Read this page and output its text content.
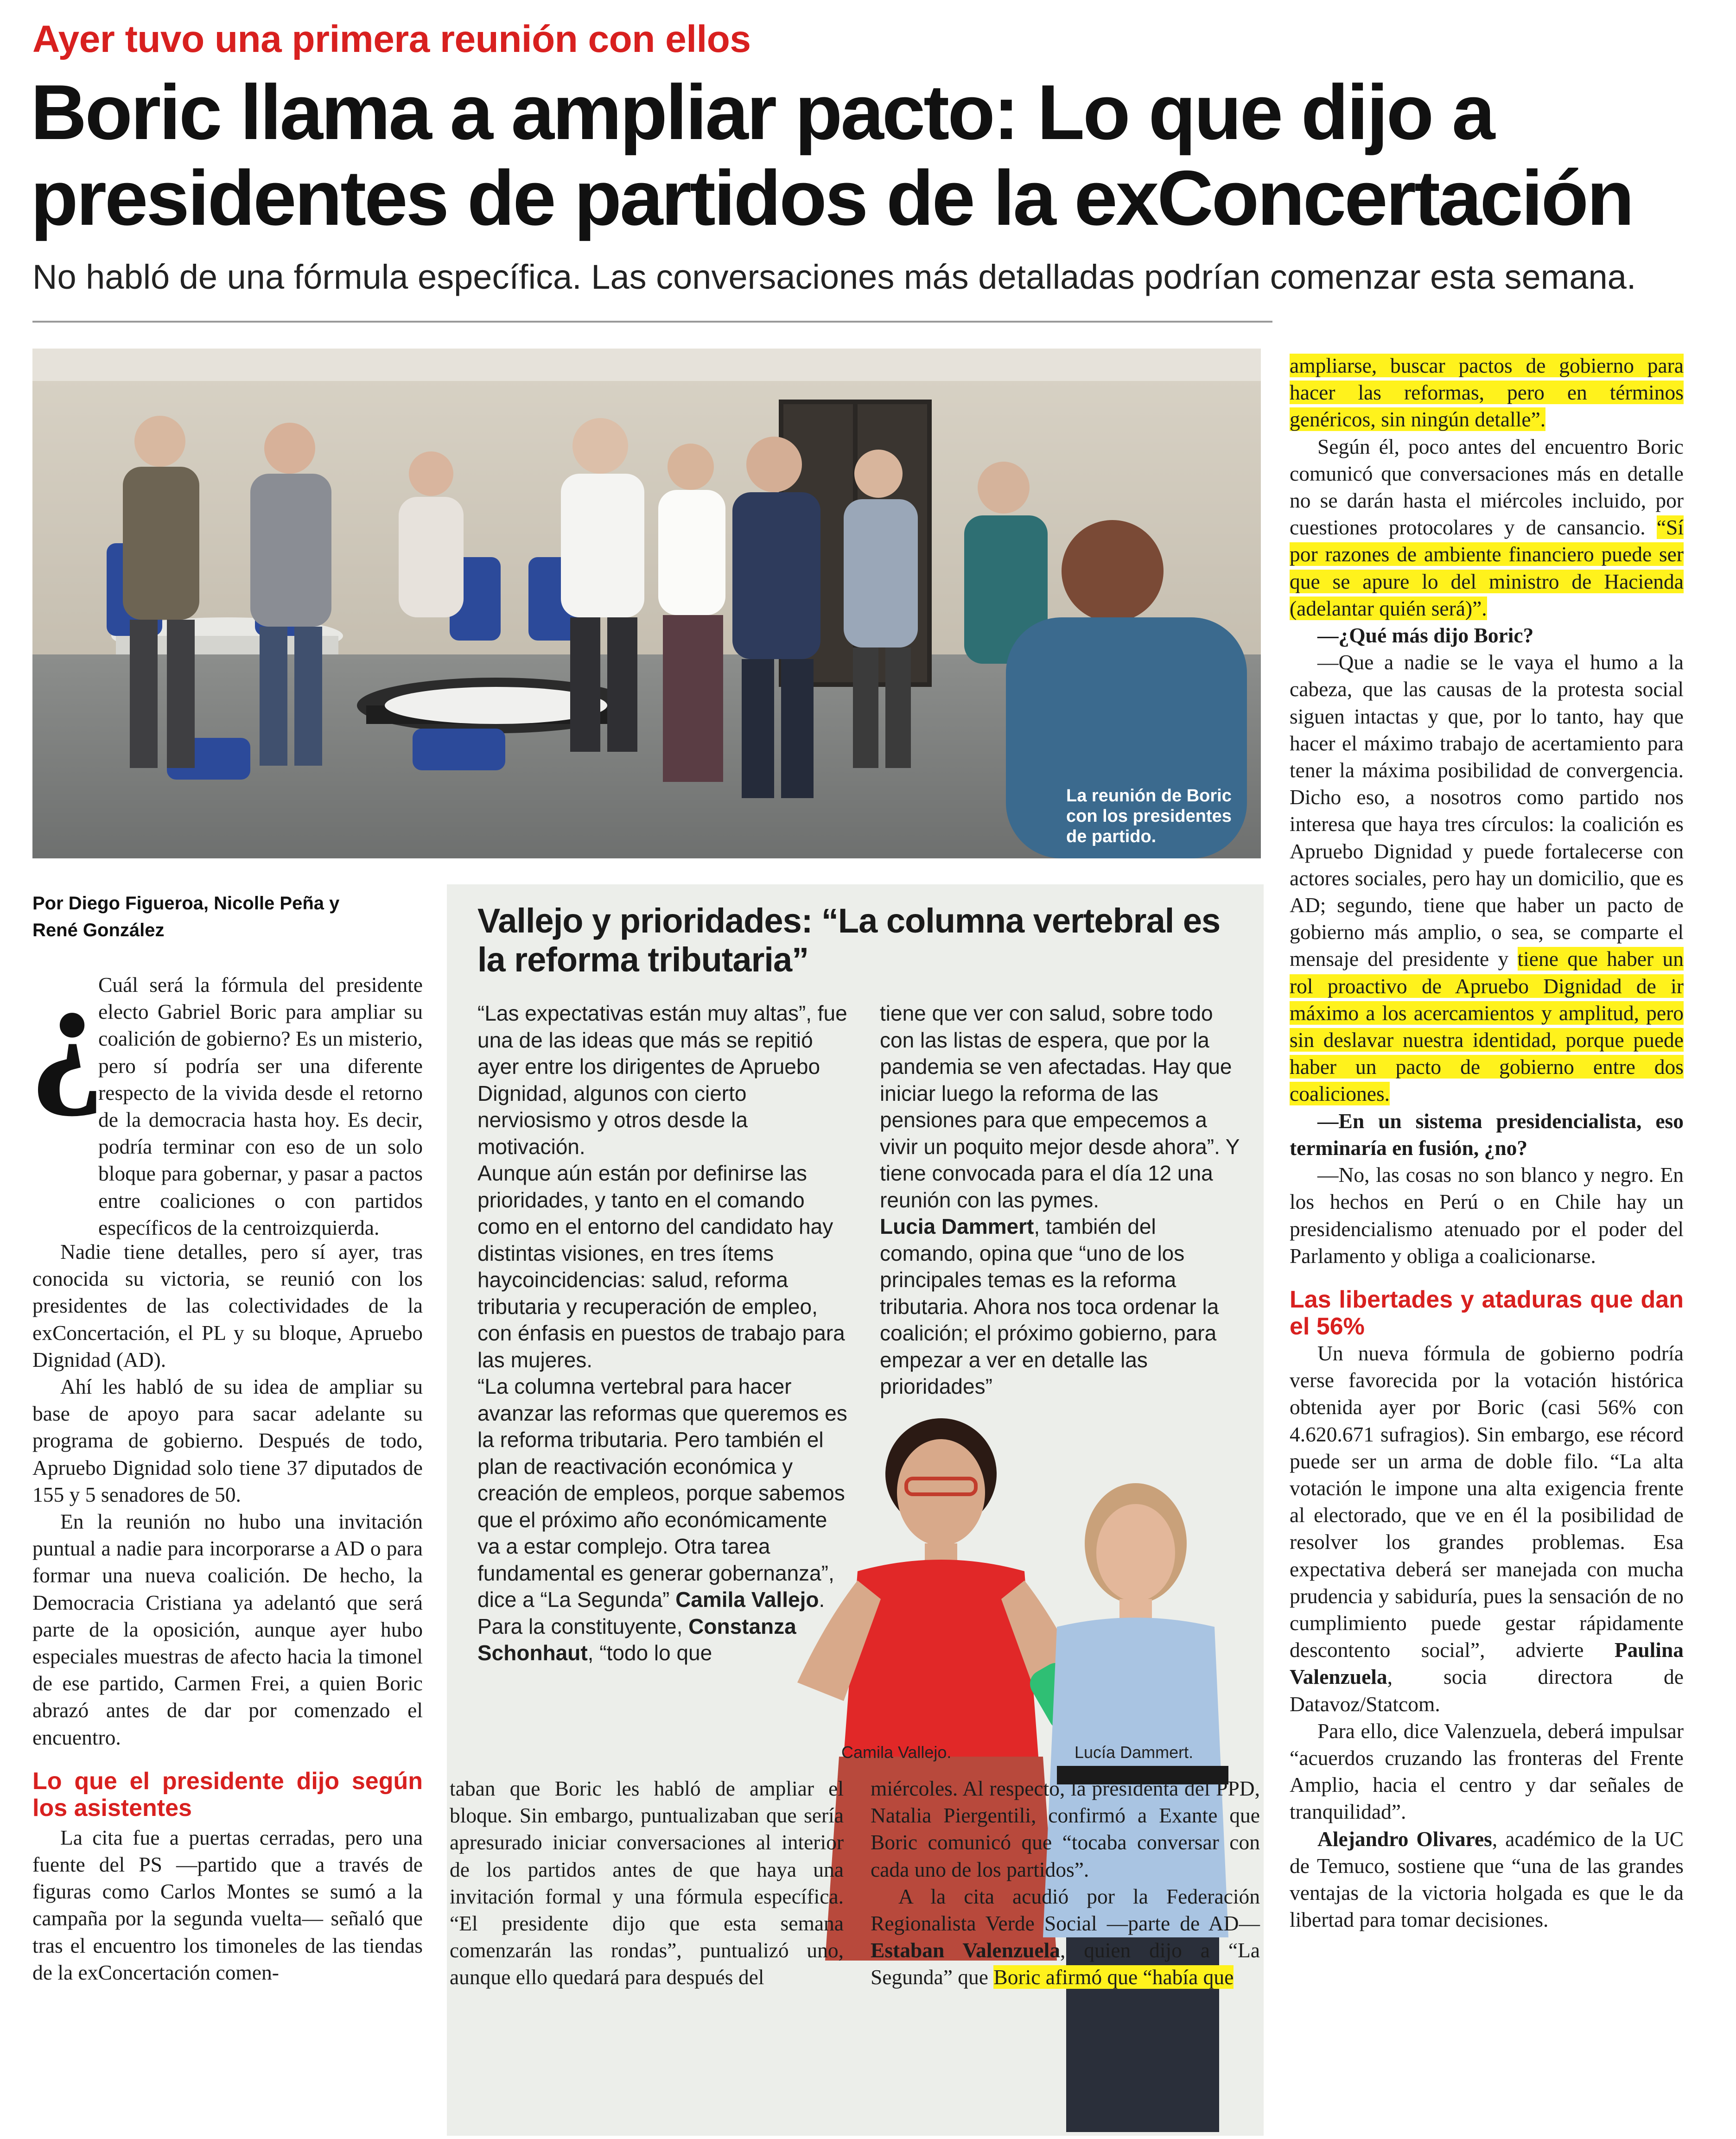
Ayer tuvo una primera reunión con ellos
Boric llama a ampliar pacto: Lo que dijo a
presidentes de partidos de la exConcertación
No habló de una fórmula específica. Las conversaciones más detalladas podrían comenzar esta semana.
La reunión de Boric
con los presidentes
de partido.
Por Diego Figueroa, Nicolle Peña y
René González
¿

Cuál será la fórmula del presidente electo Gabriel Boric para ampliar su coalición de gobierno? Es un misterio, pero sí podría ser una diferente respecto de la vivida desde el retorno de la democracia hasta hoy. Es decir, podría terminar con eso de un solo bloque para gobernar, y pasar a pactos entre coaliciones o con partidos específicos de la centroizquierda.

Nadie tiene detalles, pero sí ayer, tras conocida su victoria, se reunió con los presidentes de las colectividades de la exConcertación, el PL y su bloque, Apruebo Dignidad (AD).

Ahí les habló de su idea de ampliar su base de apoyo para sacar adelante su programa de gobierno. Después de todo, Apruebo Dignidad solo tiene 37 diputados de 155 y 5 senadores de 50.

En la reunión no hubo una invitación puntual a nadie para incorporarse a AD o para formar una nueva coalición. De hecho, la Democracia Cristiana ya adelantó que será parte de la oposición, aunque ayer hubo especiales muestras de afecto hacia la timonel de ese partido, Carmen Frei, a quien Boric abrazó antes de dar por comenzado el encuentro.

Lo que el presidente dijo según los asistentes

La cita fue a puertas cerradas, pero una fuente del PS —partido que a través de figuras como Carlos Montes se sumó a la campaña por la segunda vuelta— señaló que tras el encuentro los timoneles de las tiendas de la exConcertación comen-

Vallejo y prioridades: “La columna vertebral es la reforma tributaria”

“Las expectativas están muy altas”, fue una de las ideas que más se repitió ayer entre los dirigentes de Apruebo Dignidad, algunos con cierto nerviosismo y otros desde la motivación.

Aunque aún están por definirse las prioridades, y tanto en el comando como en el entorno del candidato hay distintas visiones, en tres ítems haycoincidencias: salud, reforma tributaria y recuperación de empleo, con énfasis en puestos de trabajo para las mujeres.

“La columna vertebral para hacer avanzar las reformas que queremos es la reforma tributaria. Pero también el plan de reactivación económica y creación de empleos, porque sabemos que el próximo año económicamente va a estar complejo. Otra tarea fundamental es generar gobernanza”, dice a “La Segunda” Camila Vallejo.

Para la constituyente, Constanza Schonhaut, “todo lo que

tiene que ver con salud, sobre todo con las listas de espera, que por la pandemia se ven afectadas. Hay que iniciar luego la reforma de las pensiones para que empecemos a vivir un poquito mejor desde ahora”. Y tiene convocada para el día 12 una reunión con las pymes.

Lucia Dammert, también del comando, opina que “uno de los principales temas es la reforma tributaria. Ahora nos toca ordenar la coalición; el próximo gobierno, para empezar a ver en detalle las prioridades”

Camila Vallejo.	Lucía Dammert.

taban que Boric les habló de ampliar el bloque. Sin embargo, puntualizaban que sería apresurado iniciar conversaciones al interior de los partidos antes de que haya una invitación formal y una fórmula específica. “El presidente dijo que esta semana comenzarán las rondas”, puntualizó uno, aunque ello quedará para después del

miércoles. Al respecto, la presidenta del PPD, Natalia Piergentili, confirmó a Exante que Boric comunicó que “tocaba conversar con cada uno de los partidos”.

A la cita acudió por la Federación Regionalista Verde Social —parte de AD— Estaban Valenzuela, quien dijo a “La Segunda” que Boric afirmó que “había que

ampliarse, buscar pactos de gobierno para hacer las reformas, pero en términos genéricos, sin ningún detalle”.

Según él, poco antes del encuentro Boric comunicó que conversaciones más en detalle no se darán hasta el miércoles incluido, por cuestiones protocolares y de cansancio. “Sí por razones de ambiente financiero puede ser que se apure lo del ministro de Hacienda (adelantar quién será)”.

—¿Qué más dijo Boric?

—Que a nadie se le vaya el humo a la cabeza, que las causas de la protesta social siguen intactas y que, por lo tanto, hay que hacer el máximo trabajo de acertamiento para tener la máxima posibilidad de convergencia. Dicho eso, a nosotros como partido nos interesa que haya tres círculos: la coalición es Apruebo Dignidad y puede fortalecerse con actores sociales, pero hay un domicilio, que es AD; segundo, tiene que haber un pacto de gobierno más amplio, o sea, se comparte el mensaje del presidente y tiene que haber un rol proactivo de Apruebo Dignidad de ir máximo a los acercamientos y amplitud, pero sin deslavar nuestra identidad, porque puede haber un pacto de gobierno entre dos coaliciones.

—En un sistema presidencialista, eso terminaría en fusión, ¿no?

—No, las cosas no son blanco y negro. En los hechos en Perú o en Chile hay un presidencialismo atenuado por el poder del Parlamento y obliga a coalicionarse.

Las libertades y ataduras que dan el 56%

Un nueva fórmula de gobierno podría verse favorecida por la votación histórica obtenida ayer por Boric (casi 56% con 4.620.671 sufragios). Sin embargo, ese récord puede ser un arma de doble filo. “La alta votación le impone una alta exigencia frente al electorado, que ve en él la posibilidad de resolver los grandes problemas. Esa expectativa deberá ser manejada con mucha prudencia y sabiduría, pues la sensación de no cumplimiento puede gestar rápidamente descontento social”, advierte Paulina Valenzuela, socia directora de Datavoz/Statcom.

Para ello, dice Valenzuela, deberá impulsar “acuerdos cruzando las fronteras del Frente Amplio, hacia el centro y dar señales de tranquilidad”.

Alejandro Olivares, académico de la UC de Temuco, sostiene que “una de las grandes ventajas de la victoria holgada es que le da libertad para tomar decisiones.
